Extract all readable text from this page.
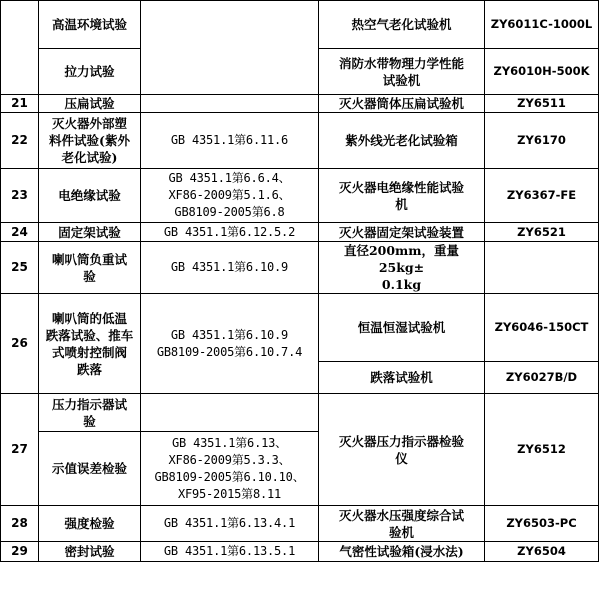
	高温环境试验		热空气老化试验机	ZY6011C-1000L
	拉力试验		消防水带物理力学性能
试验机	ZY6010H-500K
21	压扁试验		灭火器筒体压扁试验机	ZY6511
22	灭火器外部塑
料件试验(紫外
老化试验)	GB 4351.1第6.11.6	紫外线光老化试验箱	ZY6170
23	电绝缘试验	GB 4351.1第6.6.4、
XF86-2009第5.1.6、
GB8109-2005第6.8	灭火器电绝缘性能试验
机	ZY6367-FE
24	固定架试验	GB 4351.1第6.12.5.2	灭火器固定架试验装置	ZY6521
25	喇叭筒负重试
验	GB 4351.1第6.10.9	直径200mm，重量25kg±
0.1kg	

26	喇叭筒的低温
跌落试验、推车
式喷射控制阀
跌落	GB 4351.1第6.10.9
GB8109-2005第6.10.7.4	恒温恒湿试验机	ZY6046-150CT
			跌落试验机	ZY6027B/D
27	压力指示器试
验		灭火器压力指示器检验
仪	ZY6512
	示值误差检验	GB 4351.1第6.13、
XF86-2009第5.3.3、
GB8109-2005第6.10.10、
XF95-2015第8.11		

28	强度检验	GB 4351.1第6.13.4.1	灭火器水压强度综合试
验机	ZY6503-PC
29	密封试验	GB 4351.1第6.13.5.1	气密性试验箱(浸水法)	ZY6504
